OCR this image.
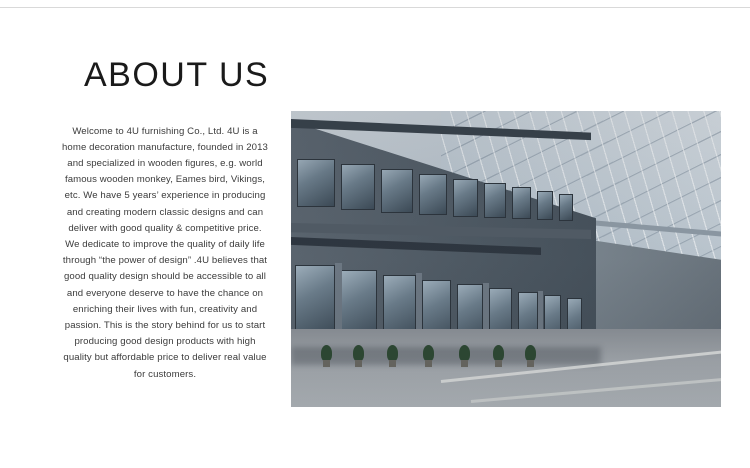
ABOUT US

Welcome to 4U furnishing Co., Ltd. 4U is a home decoration manufacture, founded in 2013 and specialized in wooden figures, e.g. world famous wooden monkey, Eames bird, Vikings, etc. We have 5 years’ experience in producing and creating modern classic designs and can deliver with good quality & competitive price. We dedicate to improve the quality of daily life through “the power of design” .4U believes that good quality design should be accessible to all and everyone deserve to have the chance on enriching their lives with fun, creativity and passion. This is the story behind for us to start producing good design products with high quality but affordable price to deliver real value for customers.
